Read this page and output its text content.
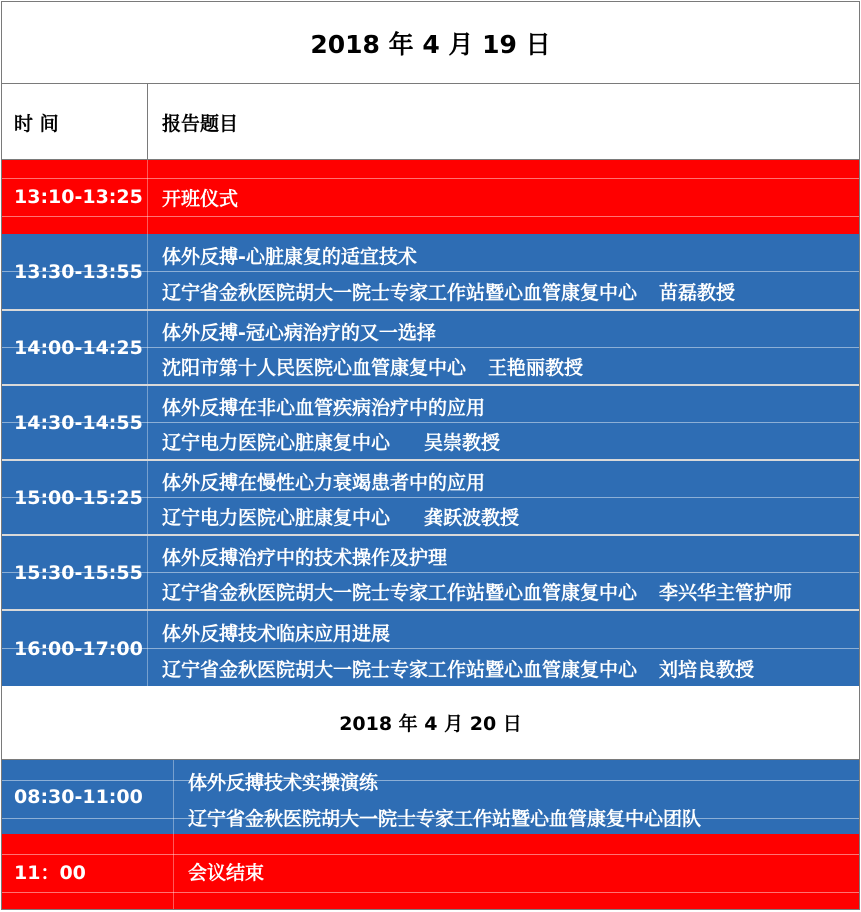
2018 年 4 月 19 日
时 间	报告题目
13:10-13:25 开班仪式
13:30-13:55
体外反搏-心脏康复的适宜技术
辽宁省金秋医院胡大一院士专家工作站暨心血管康复中心 苗磊教授
14:00-14:25
体外反搏-冠心病治疗的又一选择
沈阳市第十人民医院心血管康复中心 王艳丽教授
14:30-14:55
体外反搏在非心血管疾病治疗中的应用
辽宁电力医院心脏康复中心 吴崇教授
15:00-15:25
体外反搏在慢性心力衰竭患者中的应用
辽宁电力医院心脏康复中心 龚跃波教授
15:30-15:55
体外反搏治疗中的技术操作及护理
辽宁省金秋医院胡大一院士专家工作站暨心血管康复中心 李兴华主管护师
16:00-17:00
体外反搏技术临床应用进展
辽宁省金秋医院胡大一院士专家工作站暨心血管康复中心 刘培良教授
2018 年 4 月 20 日
08:30-11:00
体外反搏技术实操演练
辽宁省金秋医院胡大一院士专家工作站暨心血管康复中心团队
11：00	会议结束
